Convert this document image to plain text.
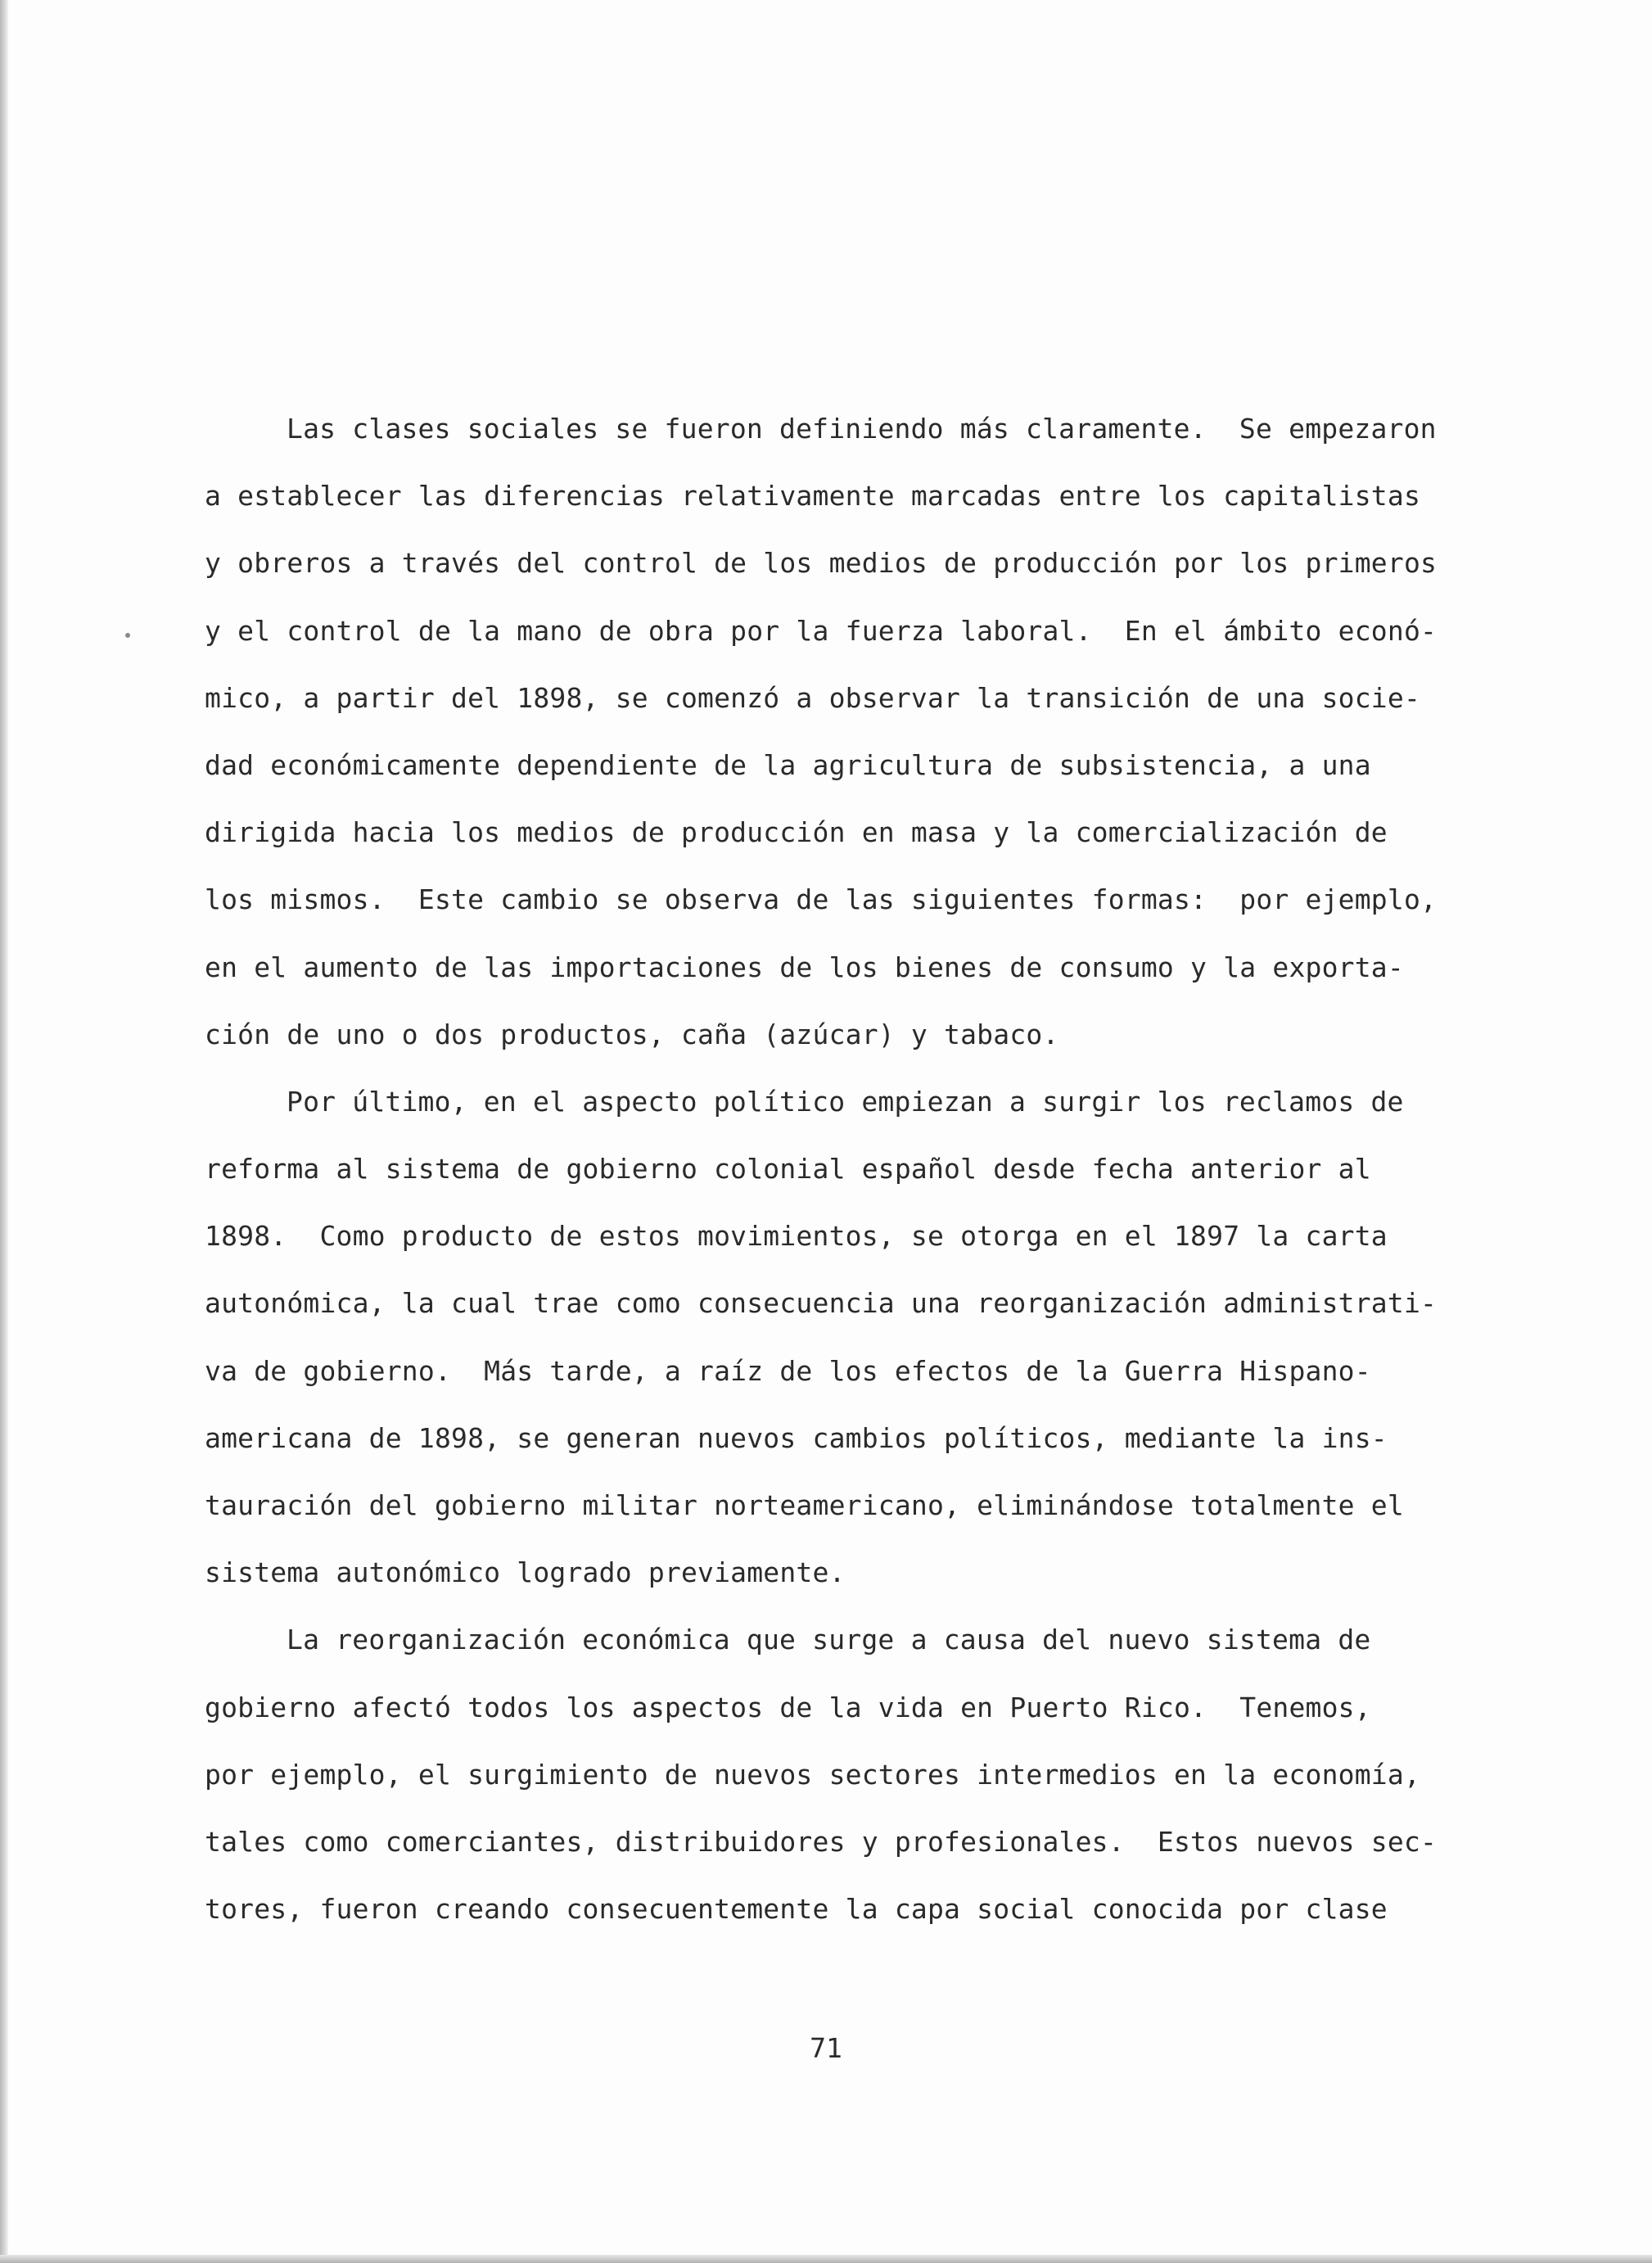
Las clases sociales se fueron definiendo más claramente.  Se empezaron
a establecer las diferencias relativamente marcadas entre los capitalistas
y obreros a través del control de los medios de producción por los primeros
y el control de la mano de obra por la fuerza laboral.  En el ámbito econó-
mico, a partir del 1898, se comenzó a observar la transición de una socie-
dad económicamente dependiente de la agricultura de subsistencia, a una
dirigida hacia los medios de producción en masa y la comercialización de
los mismos.  Este cambio se observa de las siguientes formas:  por ejemplo,
en el aumento de las importaciones de los bienes de consumo y la exporta-
ción de uno o dos productos, caña (azúcar) y tabaco.
Por último, en el aspecto político empiezan a surgir los reclamos de
reforma al sistema de gobierno colonial español desde fecha anterior al
1898.  Como producto de estos movimientos, se otorga en el 1897 la carta
autonómica, la cual trae como consecuencia una reorganización administrati-
va de gobierno.  Más tarde, a raíz de los efectos de la Guerra Hispano-
americana de 1898, se generan nuevos cambios políticos, mediante la ins-
tauración del gobierno militar norteamericano, eliminándose totalmente el
sistema autonómico logrado previamente.
La reorganización económica que surge a causa del nuevo sistema de
gobierno afectó todos los aspectos de la vida en Puerto Rico.  Tenemos,
por ejemplo, el surgimiento de nuevos sectores intermedios en la economía,
tales como comerciantes, distribuidores y profesionales.  Estos nuevos sec-
tores, fueron creando consecuentemente la capa social conocida por clase
71
